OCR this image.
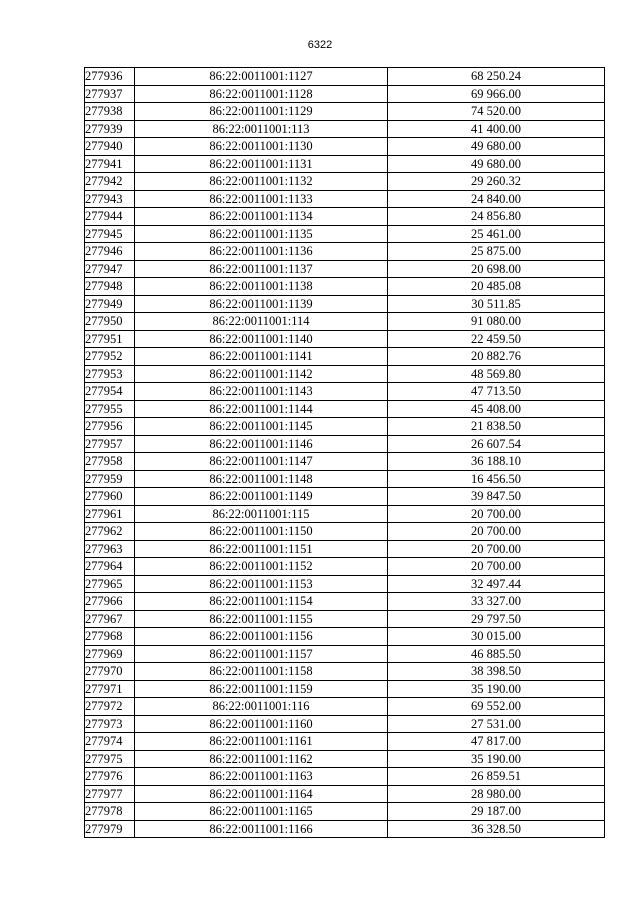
6322
277936	86:22:0011001:1127	68 250.24
277937	86:22:0011001:1128	69 966.00
277938	86:22:0011001:1129	74 520.00
277939	86:22:0011001:113	41 400.00
277940	86:22:0011001:1130	49 680.00
277941	86:22:0011001:1131	49 680.00
277942	86:22:0011001:1132	29 260.32
277943	86:22:0011001:1133	24 840.00
277944	86:22:0011001:1134	24 856.80
277945	86:22:0011001:1135	25 461.00
277946	86:22:0011001:1136	25 875.00
277947	86:22:0011001:1137	20 698.00
277948	86:22:0011001:1138	20 485.08
277949	86:22:0011001:1139	30 511.85
277950	86:22:0011001:114	91 080.00
277951	86:22:0011001:1140	22 459.50
277952	86:22:0011001:1141	20 882.76
277953	86:22:0011001:1142	48 569.80
277954	86:22:0011001:1143	47 713.50
277955	86:22:0011001:1144	45 408.00
277956	86:22:0011001:1145	21 838.50
277957	86:22:0011001:1146	26 607.54
277958	86:22:0011001:1147	36 188.10
277959	86:22:0011001:1148	16 456.50
277960	86:22:0011001:1149	39 847.50
277961	86:22:0011001:115	20 700.00
277962	86:22:0011001:1150	20 700.00
277963	86:22:0011001:1151	20 700.00
277964	86:22:0011001:1152	20 700.00
277965	86:22:0011001:1153	32 497.44
277966	86:22:0011001:1154	33 327.00
277967	86:22:0011001:1155	29 797.50
277968	86:22:0011001:1156	30 015.00
277969	86:22:0011001:1157	46 885.50
277970	86:22:0011001:1158	38 398.50
277971	86:22:0011001:1159	35 190.00
277972	86:22:0011001:116	69 552.00
277973	86:22:0011001:1160	27 531.00
277974	86:22:0011001:1161	47 817.00
277975	86:22:0011001:1162	35 190.00
277976	86:22:0011001:1163	26 859.51
277977	86:22:0011001:1164	28 980.00
277978	86:22:0011001:1165	29 187.00
277979	86:22:0011001:1166	36 328.50
